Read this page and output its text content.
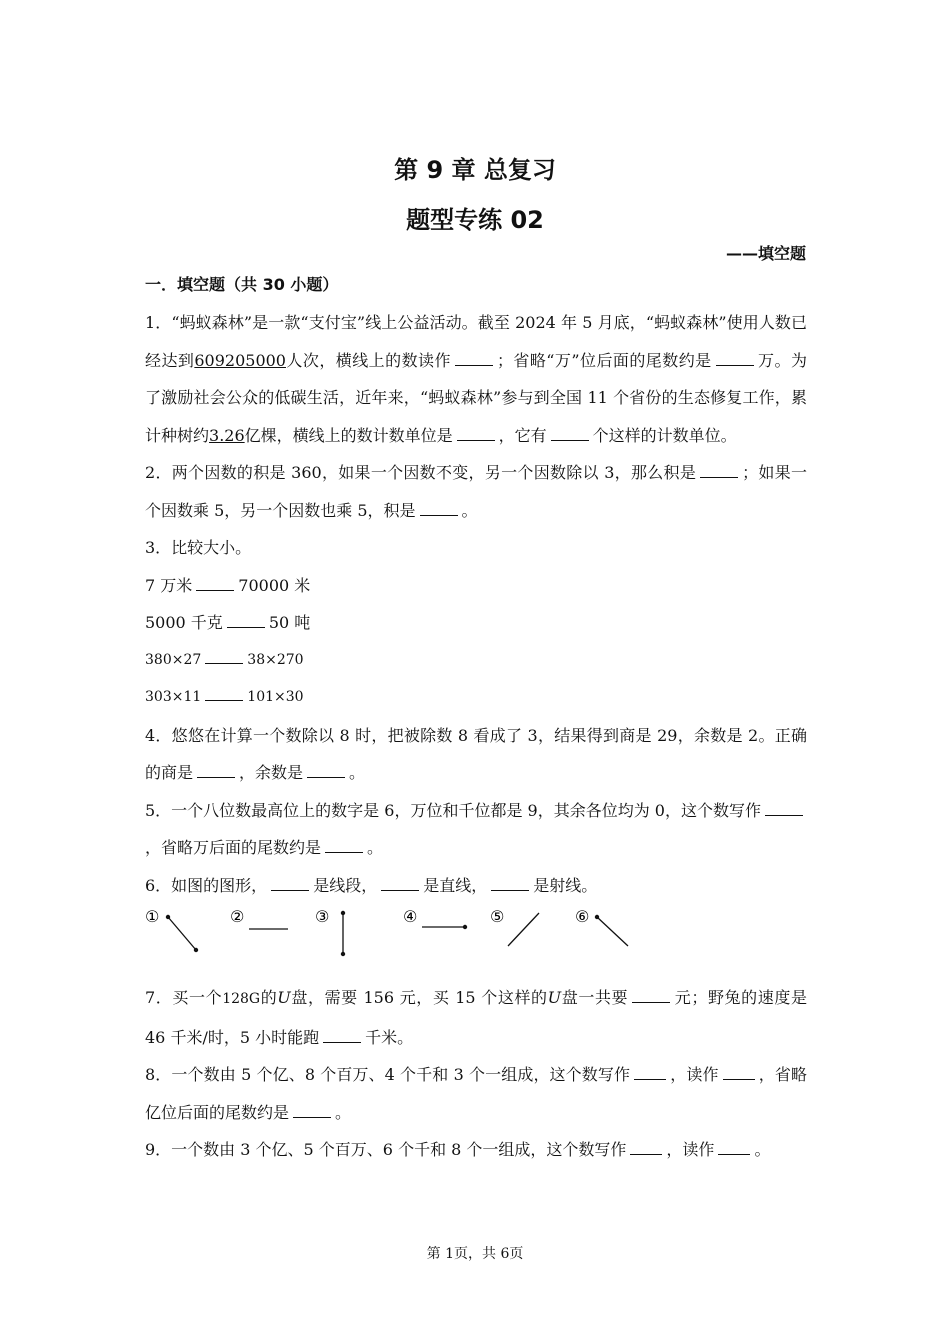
第 9 章 总复习
题型专练 02
——填空题
一．填空题（共 30 小题）

1．“蚂蚁森林”是一款“支付宝”线上公益活动。截至 2024 年 5 月底，“蚂蚁森林”使用人数已经达到609205000人次，横线上的数读作	；省略“万”位后面的尾数约是	万。为了激励社会公众的低碳生活，近年来，“蚂蚁森林”参与到全国 11 个省份的生态修复工作，累计种树约3.26亿棵，横线上的数计数单位是	，它有	个这样的计数单位。

2．两个因数的积是 360，如果一个因数不变，另一个因数除以 3，那么积是	；如果一个因数乘 5，另一个因数也乘 5，积是	。

3．比较大小。

7 万米	70000 米

5000 千克	50 吨

380×27	38×270

303×11	101×30

4．悠悠在计算一个数除以 8 时，把被除数 8 看成了 3，结果得到商是 29，余数是 2。正确的商是	，余数是	。

5．一个八位数最高位上的数字是 6，万位和千位都是 9，其余各位均为 0，这个数写作，省略万后面的尾数约是	。

6．如图的图形，	是线段，	是直线，	是射线。

①	②	③	④	⑤	⑥

7．买一个128G的U盘，需要 156 元，买 15 个这样的U盘一共要	元；野兔的速度是 46 千米/时，5 小时能跑	千米。

8．一个数由 5 个亿、8 个百万、4 个千和 3 个一组成，这个数写作	，读作	，省略亿位后面的尾数约是	。

9．一个数由 3 个亿、5 个百万、6 个千和 8 个一组成，这个数写作	，读作	。

第 1页，共 6页
